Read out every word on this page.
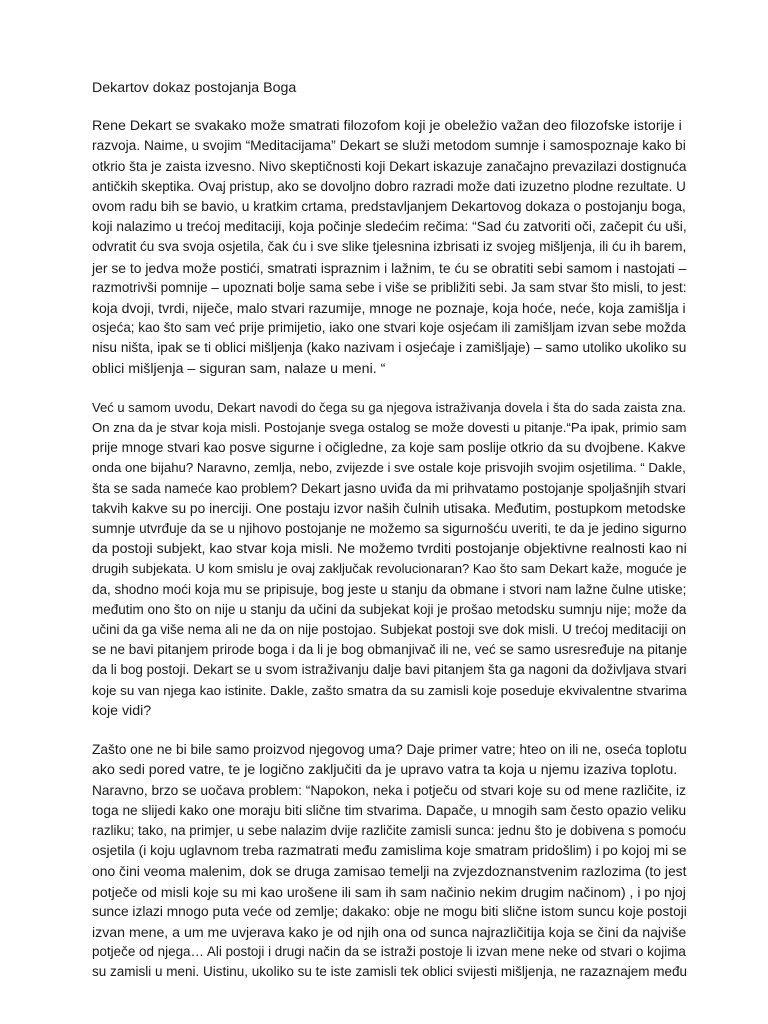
Dekartov dokaz postojanja Boga
Rene Dekart se svakako može smatrati filozofom koji je obeležio važan deo filozofske istorije i
razvoja. Naime, u svojim “Meditacijama” Dekart se služi metodom sumnje i samospoznaje kako bi
otkrio šta je zaista izvesno. Nivo skeptičnosti koji Dekart iskazuje zanačajno prevazilazi dostignuća
antičkih skeptika. Ovaj pristup, ako se dovoljno dobro razradi može dati izuzetno plodne rezultate. U
ovom radu bih se bavio, u kratkim crtama, predstavljanjem Dekartovog dokaza o postojanju boga,
koji nalazimo u trećoj meditaciji, koja počinje sledećim rečima: “Sad ću zatvoriti oči, začepit ću uši,
odvratit ću sva svoja osjetila, čak ću i sve slike tjelesnina izbrisati iz svojeg mišljenja, ili ću ih barem,
jer se to jedva može postići, smatrati ispraznim i lažnim, te ću se obratiti sebi samom i nastojati –
razmotrivši pomnije – upoznati bolje sama sebe i više se približiti sebi. Ja sam stvar što misli, to jest:
koja dvoji, tvrdi, niječe, malo stvari razumije, mnoge ne poznaje, koja hoće, neće, koja zamišlja i
osjeća; kao što sam već prije primijetio, iako one stvari koje osjećam ili zamišljam izvan sebe možda
nisu ništa, ipak se ti oblici mišljenja (kako nazivam i osjećaje i zamišljaje) – samo utoliko ukoliko su
oblici mišljenja – siguran sam, nalaze u meni. “
Već u samom uvodu, Dekart navodi do čega su ga njegova istraživanja dovela i šta do sada zaista zna.
On zna da je stvar koja misli. Postojanje svega ostalog se može dovesti u pitanje.“Pa ipak, primio sam
prije mnoge stvari kao posve sigurne i očigledne, za koje sam poslije otkrio da su dvojbene. Kakve
onda one bijahu? Naravno, zemlja, nebo, zvijezde i sve ostale koje prisvojih svojim osjetilima. “ Dakle,
šta se sada nameće kao problem? Dekart jasno uviđa da mi prihvatamo postojanje spoljašnjih stvari
takvih kakve su po inerciji. One postaju izvor naših čulnih utisaka. Međutim, postupkom metodske
sumnje utvrđuje da se u njihovo postojanje ne možemo sa sigurnošću uveriti, te da je jedino sigurno
da postoji subjekt, kao stvar koja misli. Ne možemo tvrditi postojanje objektivne realnosti kao ni
drugih subjekata. U kom smislu je ovaj zaključak revolucionaran? Kao što sam Dekart kaže, moguće je
da, shodno moći koja mu se pripisuje, bog jeste u stanju da obmane i stvori nam lažne čulne utiske;
međutim ono što on nije u stanju da učini da subjekat koji je prošao metodsku sumnju nije; može da
učini da ga više nema ali ne da on nije postojao. Subjekat postoji sve dok misli. U trećoj meditaciji on
se ne bavi pitanjem prirode boga i da li je bog obmanjivač ili ne, već se samo usresređuje na pitanje
da li bog postoji. Dekart se u svom istraživanju dalje bavi pitanjem šta ga nagoni da doživljava stvari
koje su van njega kao istinite. Dakle, zašto smatra da su zamisli koje poseduje ekvivalentne stvarima
koje vidi?
Zašto one ne bi bile samo proizvod njegovog uma? Daje primer vatre; hteo on ili ne, oseća toplotu
ako sedi pored vatre, te je logično zaključiti da je upravo vatra ta koja u njemu izaziva toplotu.
Naravno, brzo se uočava problem: “Napokon, neka i potječu od stvari koje su od mene različite, iz
toga ne slijedi kako one moraju biti slične tim stvarima. Dapače, u mnogih sam često opazio veliku
razliku; tako, na primjer, u sebe nalazim dvije različite zamisli sunca: jednu što je dobivena s pomoću
osjetila (i koju uglavnom treba razmatrati među zamislima koje smatram pridošlim) i po kojoj mi se
ono čini veoma malenim, dok se druga zamisao temelji na zvjezdoznanstvenim razlozima (to jest
potječe od misli koje su mi kao urošene ili sam ih sam načinio nekim drugim načinom) , i po njoj
sunce izlazi mnogo puta veće od zemlje; dakako: obje ne mogu biti slične istom suncu koje postoji
izvan mene, a um me uvjerava kako je od njih ona od sunca najrazličitija koja se čini da najviše
potječe od njega… Ali postoji i drugi način da se istraži postoje li izvan mene neke od stvari o kojima
su zamisli u meni. Uistinu, ukoliko su te iste zamisli tek oblici svijesti mišljenja, ne razaznajem među
